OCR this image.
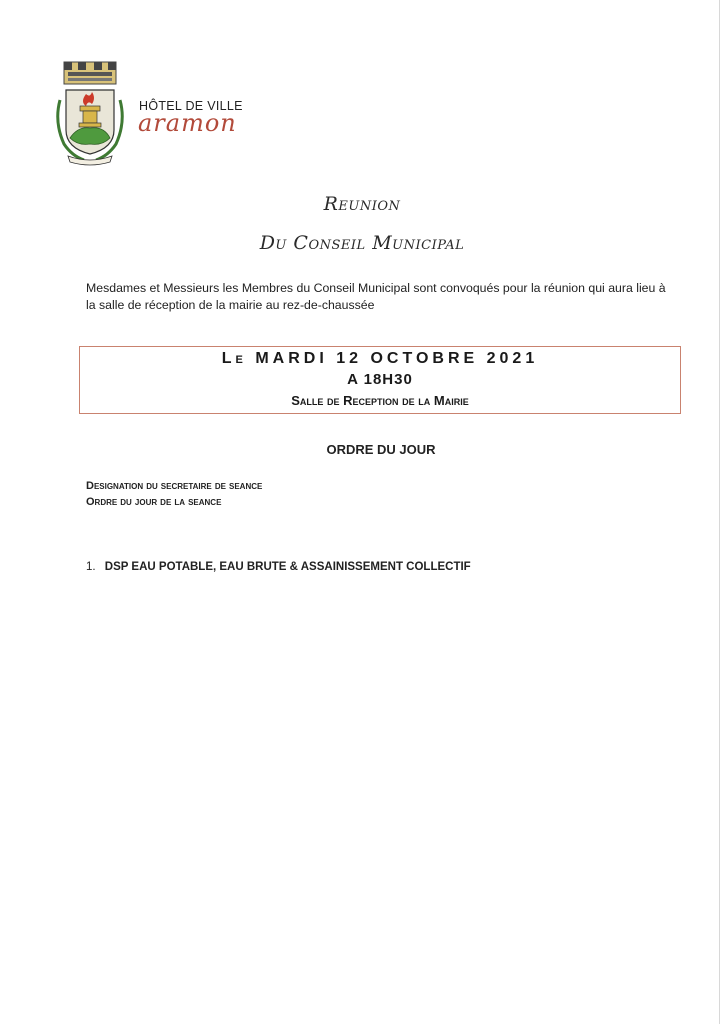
HÔTEL DE VILLE
aramon
Reunion
Du Conseil Municipal
Mesdames et Messieurs les Membres du Conseil Municipal sont convoqués pour la réunion qui aura lieu à
la salle de réception de la mairie au rez-de-chaussée
Le MARDI 12 OCTOBRE 2021
A 18H30
Salle de Reception de la Mairie
ORDRE DU JOUR
Designation du secretaire de seance
Ordre du jour de la seance
1. DSP EAU POTABLE, EAU BRUTE & ASSAINISSEMENT COLLECTIF
